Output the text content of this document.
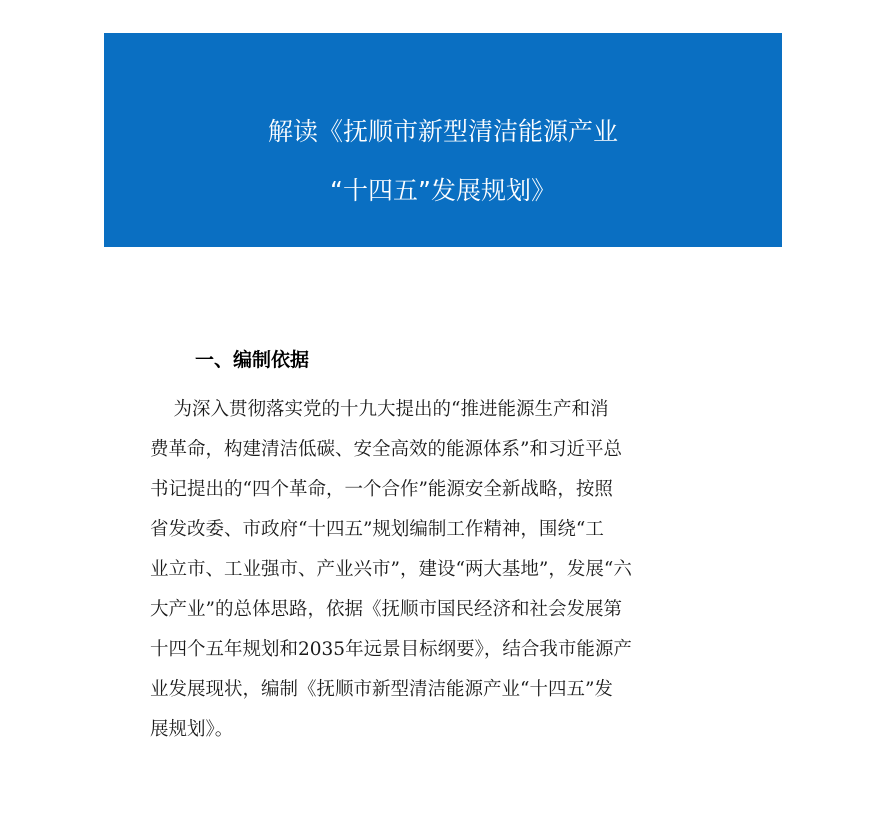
解读《抚顺市新型清洁能源产业

“十四五”发展规划》

一、编制依据

为深入贯彻落实党的十九大提出的“推进能源生产和消
费革命，构建清洁低碳、安全高效的能源体系”和习近平总
书记提出的“四个革命，一个合作”能源安全新战略，按照
省发改委、市政府“十四五”规划编制工作精神，围绕“工
业立市、工业强市、产业兴市”，建设“两大基地”，发展“六
大产业”的总体思路，依据《抚顺市国民经济和社会发展第
十四个五年规划和2035年远景目标纲要》，结合我市能源产
业发展现状，编制《抚顺市新型清洁能源产业“十四五”发
展规划》。
